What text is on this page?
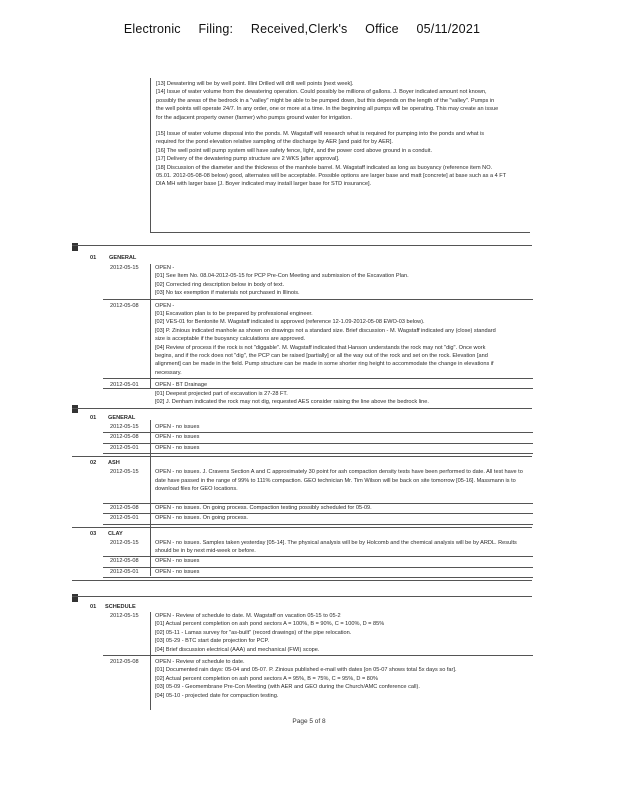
Electronic Filing: Received,Clerk's Office 05/11/2021
01 GENERAL
01 SCHEDULE
Page 5 of 8
[13] Dewatering will be by well point. Illini Drilled will drill well points [next week].
[14] Issue of water volume from the dewatering operation. Could possibly be millions of gallons. J. Boyer indicated amount not known,
possibly the areas of the bedrock in a "valley" might be able to be pumped down, but this depends on the length of the "valley". Pumps in
the well points will operate 24/7. In any order, one or more at a time. In the beginning all pumps will be operating. This may create an issue
for the adjacent property owner (farmer) who pumps ground water for irrigation.
[15] Issue of water volume disposal into the ponds. M. Wagstaff will research what is required for pumping into the ponds and what is
required for the pond elevation relative sampling of the discharge by AER [and paid for by AER].
[16] The well point will pump system will have safety fence, light, and the power cord above ground in a conduit.
[17] Delivery of the dewatering pump structure are 2 WKS [after approval].
[18] Discussion of the diameter and the thickness of the manhole barrel. M. Wagstaff indicated as long as buoyancy (reference item NO.
05.01. 2012-05-08-08 below) good, alternates will be acceptable. Possible options are larger base and matt [concrete] at base such as a 4 FT
DIA MH with larger base [J. Boyer indicated may install larger base for STD insurance].
2012-05-15	OPEN -
[01] See Item No. 08.04-2012-05-15 for PCP Pre-Con Meeting and submission of the Excavation Plan.
[02] Corrected ring description below in body of text.
[03] No tax exemption if materials not purchased in Illinois.
2012-05-08	OPEN -
[01] Excavation plan is to be prepared by professional engineer.
[02] VES-01 for Bentonite M. Wagstaff indicated is approved (reference 12-1.09-2012-05-08 EWO-03 below).
[03] P. Zinious indicated manhole as shown on drawings not a standard size. Brief discussion - M. Wagstaff indicated any (close) standard
size is acceptable if the buoyancy calculations are approved.
[04] Review of process if the rock is not "diggable". M. Wagstaff indicated that Hanson understands the rock may not "dig". Once work
begins, and if the rock does not "dig", the PCP can be raised [partially] or all the way out of the rock and set on the rock. Elevation [and
alignment] can be made in the field. Pump structure can be made in some shorter ring height to accommodate the change in elevations if
necessary.
2012-05-01	OPEN - BT Drainage
[01] Deepest projected part of excavation is 27-28 FT.
[02] J. Denham indicated the rock may not dig, requested AES consider raising the line above the bedrock line.
01 GENERAL
2012-05-15	OPEN - no issues
2012-05-08	OPEN - no issues
2012-05-01	OPEN - no issues
02 ASH
2012-05-15	OPEN - no issues. J. Cravens Section A and C approximately 30 point for ash compaction density tests have been performed to date. All test have to date have passed in the range of 99% to 111% compaction. GEO technician Mr. Tim Wilson will be back on site tomorrow [05-16]. Massmann is to download files for GEO locations.
2012-05-08	OPEN - no issues. On going process. Compaction testing possibly scheduled for 05-09.
2012-05-01	OPEN - no issues. On going process.
03 CLAY
2012-05-15	OPEN - no issues. Samples taken yesterday [05-14]. The physical analysis will be by Holcomb and the chemical analysis will be by ARDL. Results should be in by next mid-week or before.
2012-05-08	OPEN - no issues
2012-05-01	OPEN - no issues
2012-05-15	OPEN - Review of schedule to date. M. Wagstaff on vacation 05-15 to 05-2
[01] Actual percent completion on ash pond sectors A = 100%, B = 90%, C = 100%, D = 85%
[02] 05-11 - Lamas survey for "as-built" (record drawings) of the pipe relocation.
[03] 05-29 - BTC start date projection for PCP.
[04] Brief discussion electrical (AAA) and mechanical (FWI) scope.
2012-05-08	OPEN - Review of schedule to date.
[01] Documented rain days: 05-04 and 05-07. P. Zinious published e-mail with dates [on 05-07 shows total 5x days so far].
[02] Actual percent completion on ash pond sectors A = 95%, B = 75%, C = 95%, D = 80%
[03] 05-09 - Geomembrane Pre-Con Meeting (with AER and GEO during the Church/AMC conference call).
[04] 05-10 - projected date for compaction testing.
